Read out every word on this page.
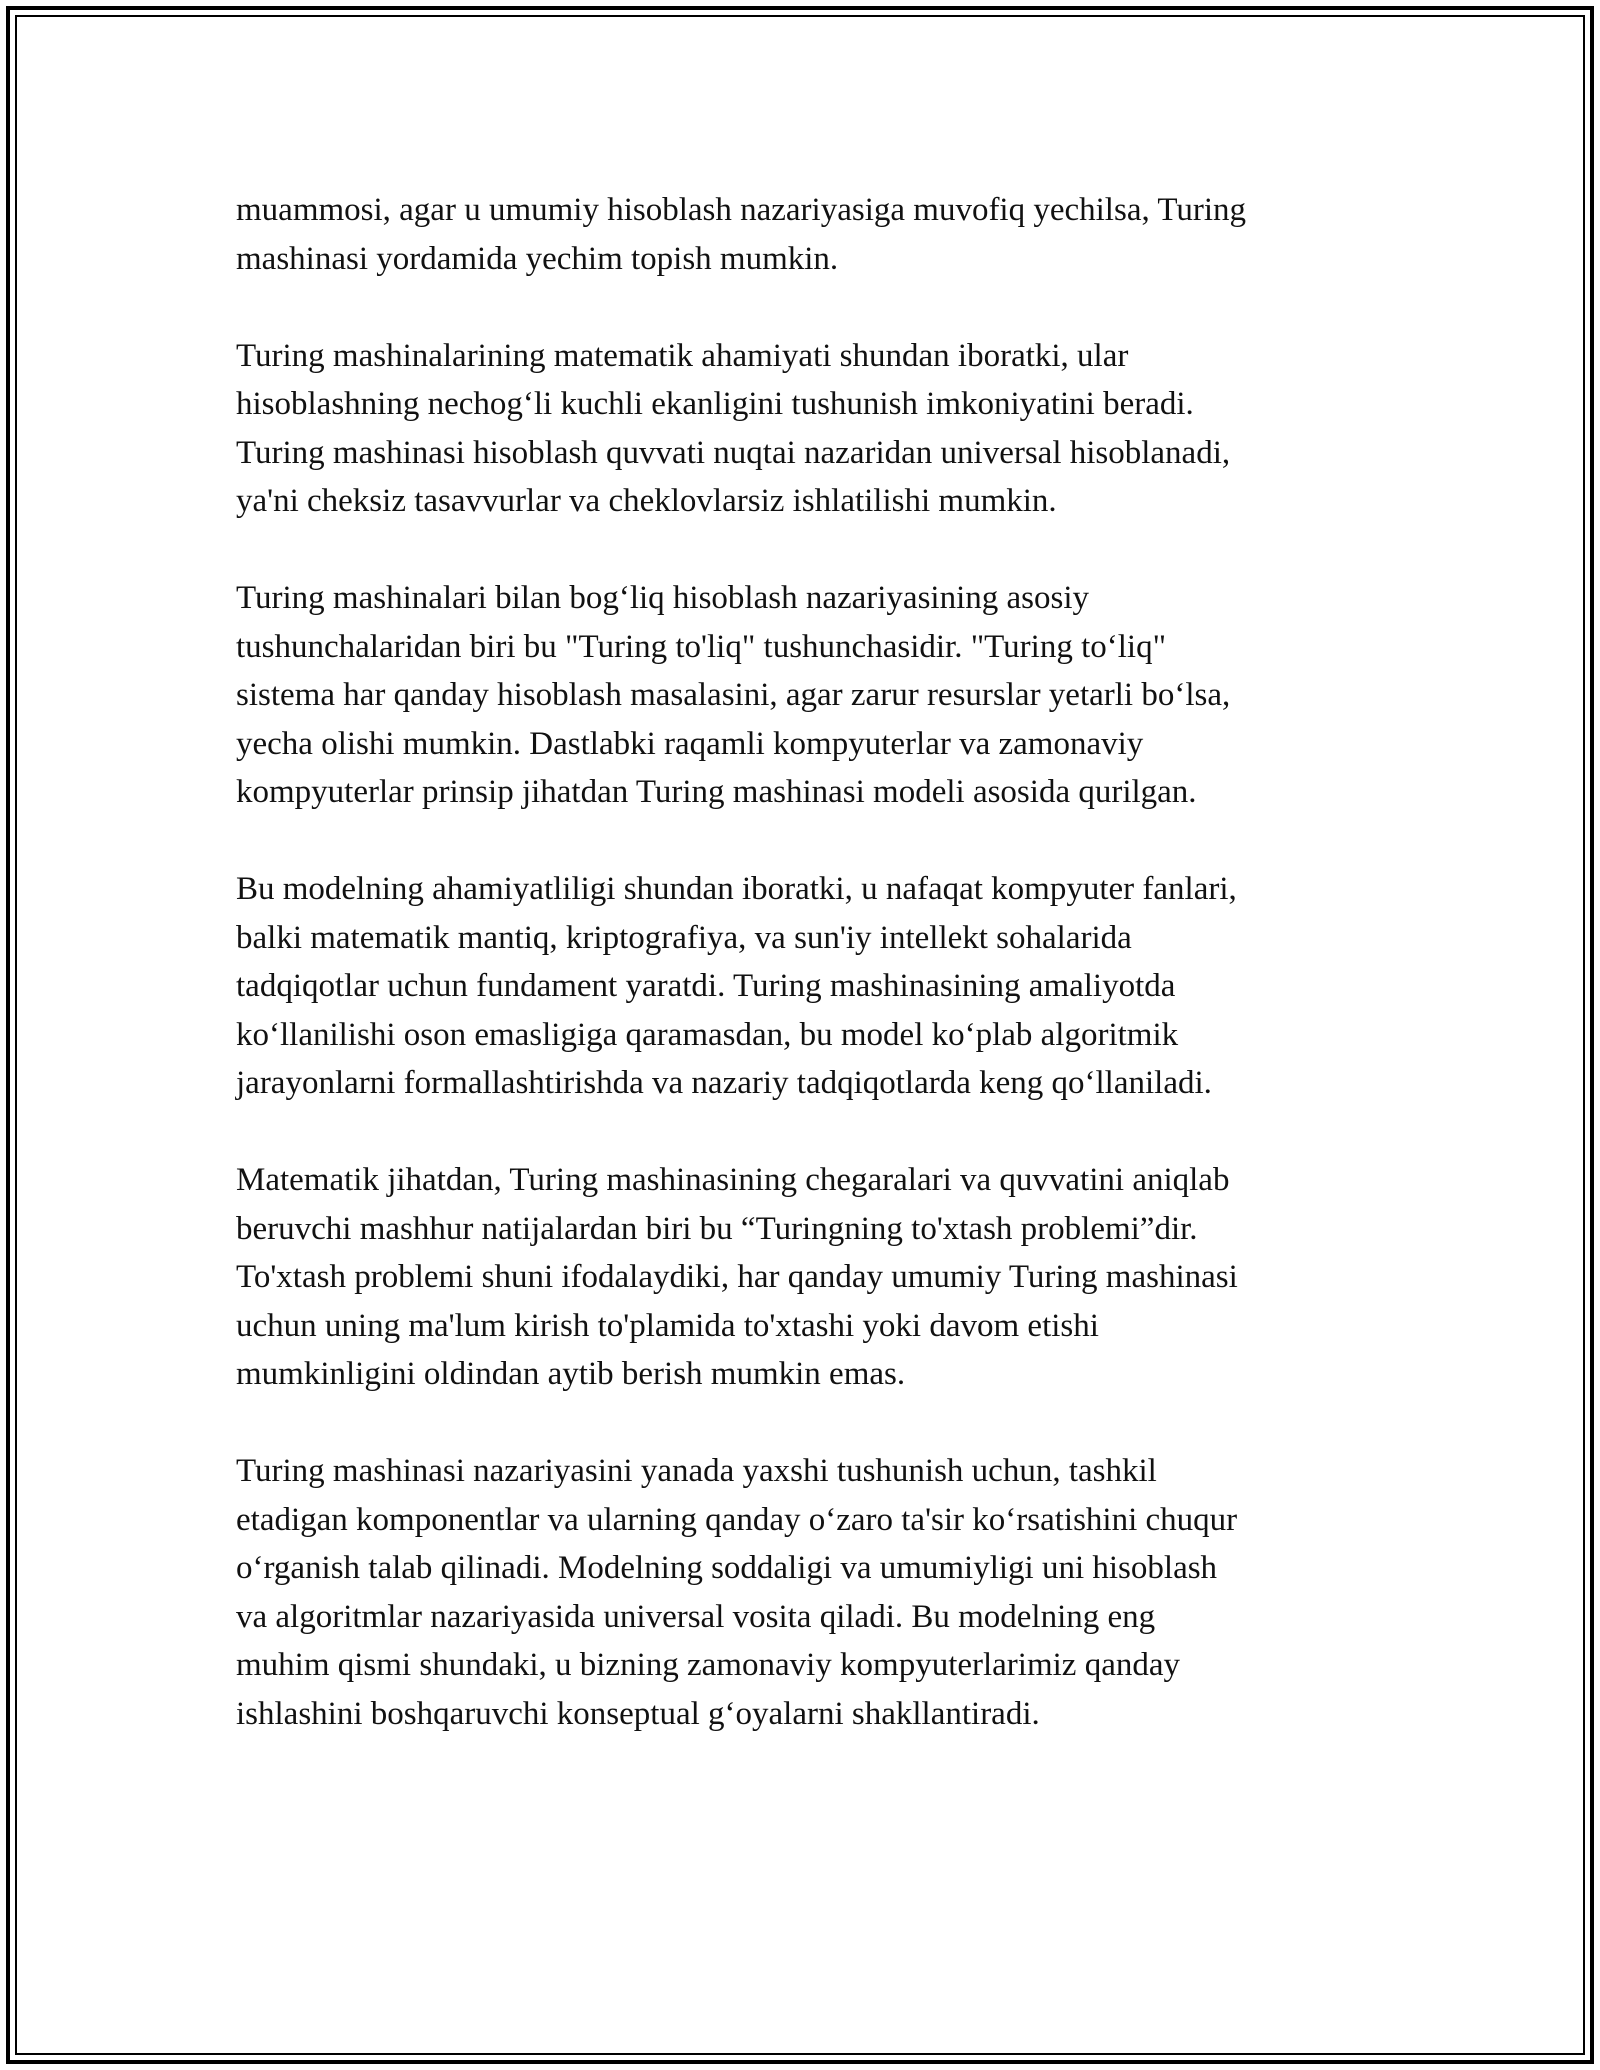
muammosi, agar u umumiy hisoblash nazariyasiga muvofiq yechilsa, Turing
mashinasi yordamida yechim topish mumkin.

Turing mashinalarining matematik ahamiyati shundan iboratki, ular
hisoblashning nechog‘li kuchli ekanligini tushunish imkoniyatini beradi.
Turing mashinasi hisoblash quvvati nuqtai nazaridan universal hisoblanadi,
ya'ni cheksiz tasavvurlar va cheklovlarsiz ishlatilishi mumkin.

Turing mashinalari bilan bog‘liq hisoblash nazariyasining asosiy
tushunchalaridan biri bu "Turing to'liq" tushunchasidir. "Turing to‘liq"
sistema har qanday hisoblash masalasini, agar zarur resurslar yetarli bo‘lsa,
yecha olishi mumkin. Dastlabki raqamli kompyuterlar va zamonaviy
kompyuterlar prinsip jihatdan Turing mashinasi modeli asosida qurilgan.

Bu modelning ahamiyatliligi shundan iboratki, u nafaqat kompyuter fanlari,
balki matematik mantiq, kriptografiya, va sun'iy intellekt sohalarida
tadqiqotlar uchun fundament yaratdi. Turing mashinasining amaliyotda
ko‘llanilishi oson emasligiga qaramasdan, bu model ko‘plab algoritmik
jarayonlarni formallashtirishda va nazariy tadqiqotlarda keng qo‘llaniladi.

Matematik jihatdan, Turing mashinasining chegaralari va quvvatini aniqlab
beruvchi mashhur natijalardan biri bu “Turingning to'xtash problemi”dir.
To'xtash problemi shuni ifodalaydiki, har qanday umumiy Turing mashinasi
uchun uning ma'lum kirish to'plamida to'xtashi yoki davom etishi
mumkinligini oldindan aytib berish mumkin emas.

Turing mashinasi nazariyasini yanada yaxshi tushunish uchun, tashkil
etadigan komponentlar va ularning qanday o‘zaro ta'sir ko‘rsatishini chuqur
o‘rganish talab qilinadi. Modelning soddaligi va umumiyligi uni hisoblash
va algoritmlar nazariyasida universal vosita qiladi. Bu modelning eng
muhim qismi shundaki, u bizning zamonaviy kompyuterlarimiz qanday
ishlashini boshqaruvchi konseptual g‘oyalarni shakllantiradi.
